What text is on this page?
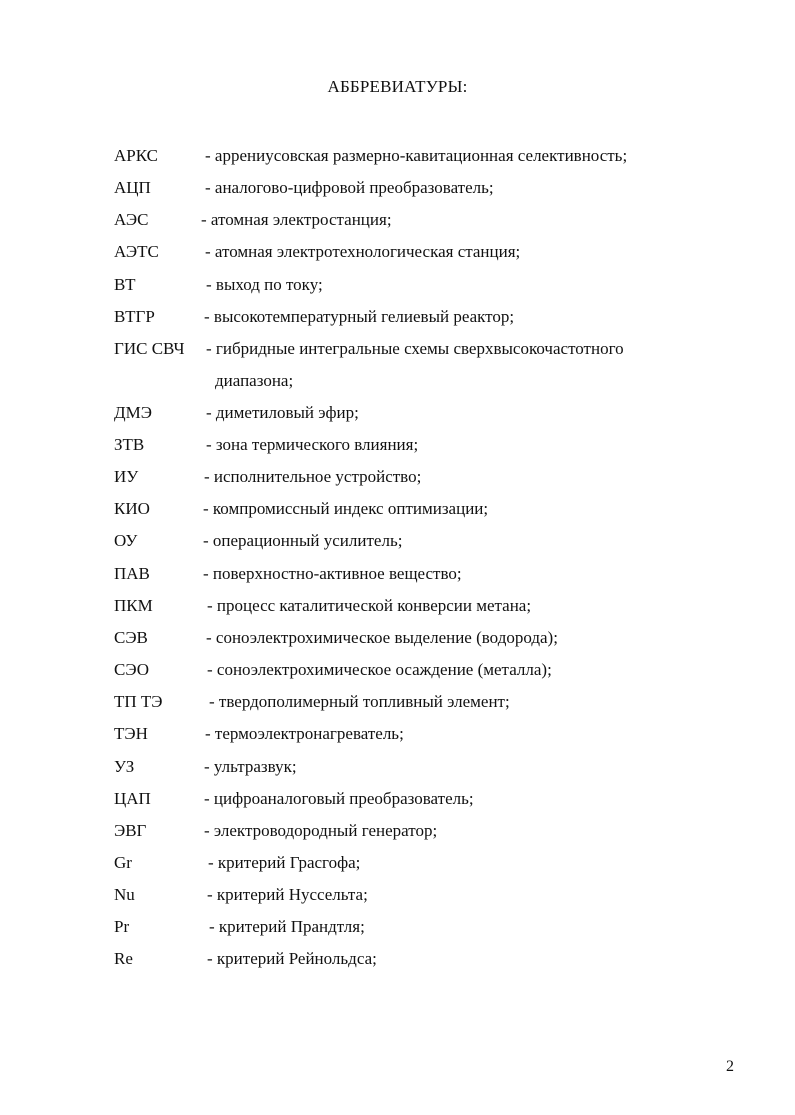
АББРЕВИАТУРЫ:
АРКС	- аррениусовская размерно-кавитационная селективность;
АЦП	- аналогово-цифровой преобразователь;
АЭС	- атомная электростанция;
АЭТС	- атомная электротехнологическая станция;
ВТ	- выход по току;
ВТГР	- высокотемпературный гелиевый реактор;
ГИС СВЧ - гибридные интегральные схемы сверхвысокочастотного
диапазона;
ДМЭ	- диметиловый эфир;
ЗТВ	- зона термического влияния;
ИУ	- исполнительное устройство;
КИО	- компромиссный индекс оптимизации;
ОУ	- операционный усилитель;
ПАВ	- поверхностно-активное вещество;
ПКМ	- процесс каталитической конверсии метана;
СЭВ	- соноэлектрохимическое выделение (водорода);
СЭО	- соноэлектрохимическое осаждение (металла);
ТП ТЭ	- твердополимерный топливный элемент;
ТЭН	- термоэлектронагреватель;
УЗ	- ультразвук;
ЦАП	- цифроаналоговый преобразователь;
ЭВГ	- электроводородный генератор;
Gr	- критерий Грасгофа;
Nu	- критерий Нуссельта;
Pr	- критерий Прандтля;
Re	- критерий Рейнольдса;
2
